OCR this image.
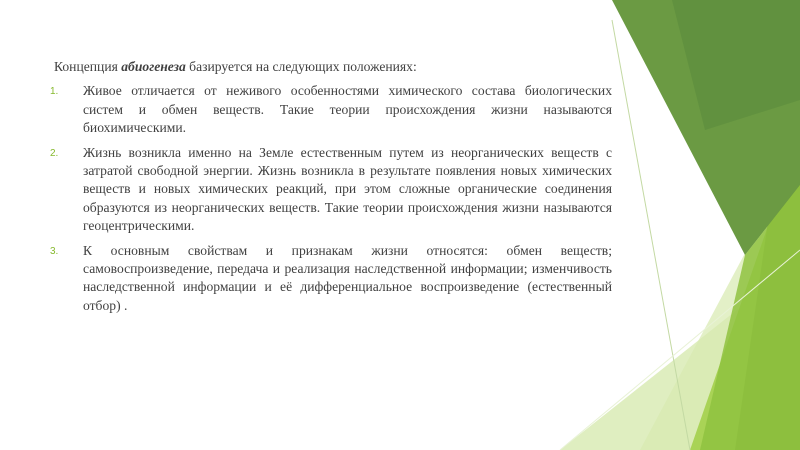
Концепция абиогенеза базируется на следующих положениях:

1. Живое отличается от неживого особенностями химического состава биологических систем и обмен веществ. Такие теории происхождения жизни называются биохимическими.
2. Жизнь возникла именно на Земле естественным путем из неорганических веществ с затратой свободной энергии. Жизнь возникла в результате появления новых химических веществ и новых химических реакций, при этом сложные органические соединения образуются из неорганических веществ. Такие теории происхождения жизни называются геоцентрическими.
3. К основным свойствам и признакам жизни относятся: обмен веществ; самовоспроизведение, передача и реализация наследственной информации; изменчивость наследственной информации и её дифференциальное воспроизведение (естественный отбор) .
